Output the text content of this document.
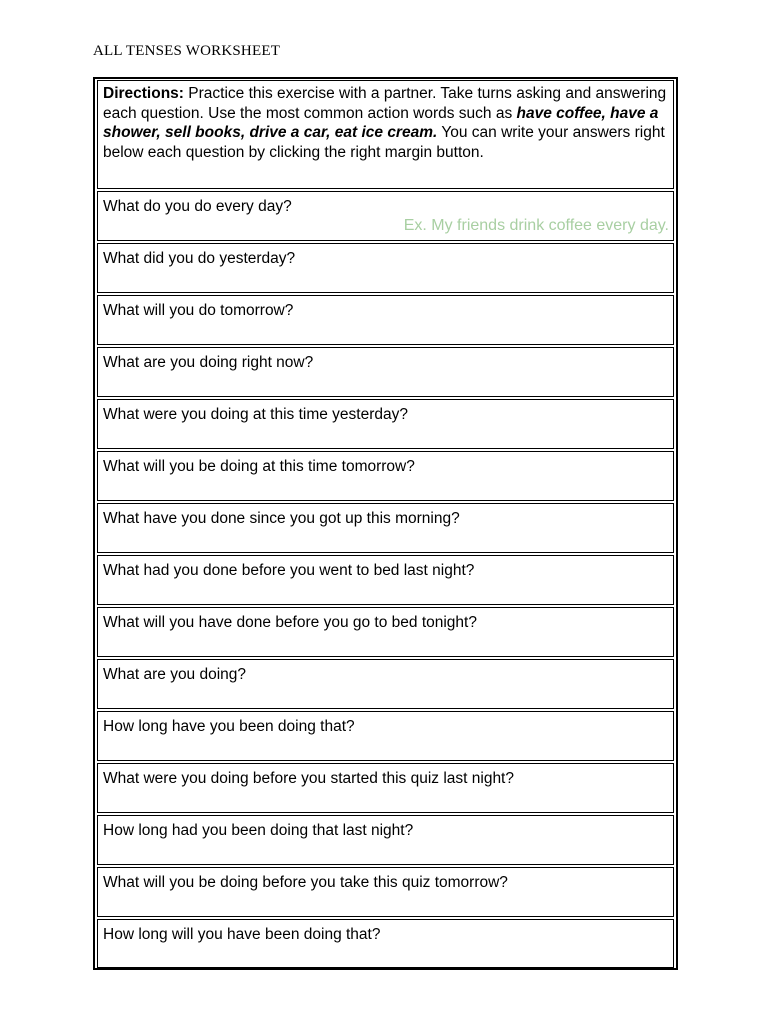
ALL TENSES WORKSHEET
Directions: Practice this exercise with a partner. Take turns asking and answering each question. Use the most common action words such as have coffee, have a shower, sell books, drive a car, eat ice cream. You can write your answers right below each question by clicking the right margin button.
What do you do every day?
Ex. My friends drink coffee every day.
What did you do yesterday?
What will you do tomorrow?
What are you doing right now?
What were you doing at this time yesterday?
What will you be doing at this time tomorrow?
What have you done since you got up this morning?
What had you done before you went to bed last night?
What will you have done before you go to bed tonight?
What are you doing?
How long have you been doing that?
What were you doing before you started this quiz last night?
How long had you been doing that last night?
What will you be doing before you take this quiz tomorrow?
How long will you have been doing that?
